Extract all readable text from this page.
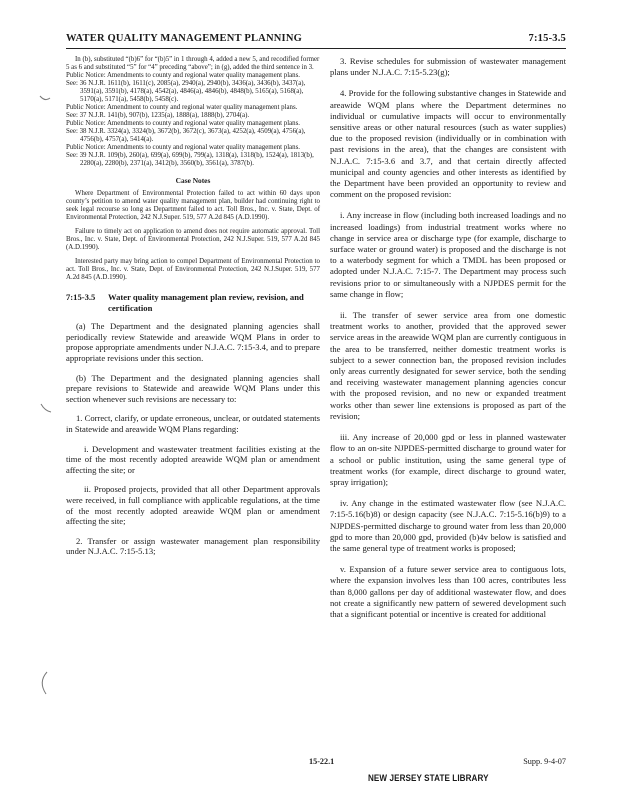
WATER QUALITY MANAGEMENT PLANNING	7:15-3.5

In (b), substituted “(b)6” for “(b)5” in 1 through 4, added a new 5, and recodified former 5 as 6 and substituted “5” for “4” preceding “above”; in (g), added the third sentence in 3.

Public Notice: Amendments to county and regional water quality management plans.

See: 36 N.J.R. 1611(b), 1611(c), 2085(a), 2940(a), 2940(b), 3436(a), 3436(b), 3437(a), 3591(a), 3591(b), 4178(a), 4542(a), 4846(a), 4846(b), 4848(b), 5165(a), 5168(a), 5170(a), 5171(a), 5458(b), 5458(c).

Public Notice: Amendment to county and regional water quality management plans.

See: 37 N.J.R. 141(b), 907(b), 1235(a), 1888(a), 1888(b), 2704(a).

Public Notice: Amendments to county and regional water quality management plans.

See: 38 N.J.R. 3324(a), 3324(b), 3672(b), 3672(c), 3673(a), 4252(a), 4509(a), 4756(a), 4756(b), 4757(a), 5414(a).

Public Notice: Amendments to county and regional water quality management plans.

See: 39 N.J.R. 109(b), 260(a), 699(a), 699(b), 799(a), 1318(a), 1318(b), 1524(a), 1813(b), 2280(a), 2280(b), 2371(a), 3412(b), 3560(b), 3561(a), 3787(b).

Case Notes

Where Department of Environmental Protection failed to act within 60 days upon county’s petition to amend water quality management plan, builder had continuing right to seek legal recourse so long as Department failed to act. Toll Bros., Inc. v. State, Dept. of Environmental Protection, 242 N.J.Super. 519, 577 A.2d 845 (A.D.1990).

Failure to timely act on application to amend does not require automatic approval. Toll Bros., Inc. v. State, Dept. of Environmental Protection, 242 N.J.Super. 519, 577 A.2d 845 (A.D.1990).

Interested party may bring action to compel Department of Environmental Protection to act. Toll Bros., Inc. v. State, Dept. of Environmental Protection, 242 N.J.Super. 519, 577 A.2d 845 (A.D.1990).

7:15-3.5	Water quality management plan review, revision, and certification

(a) The Department and the designated planning agencies shall periodically review Statewide and areawide WQM Plans in order to propose appropriate amendments under N.J.A.C. 7:15-3.4, and to prepare appropriate revisions under this section.

(b) The Department and the designated planning agencies shall prepare revisions to Statewide and areawide WQM Plans under this section whenever such revisions are necessary to:

1. Correct, clarify, or update erroneous, unclear, or outdated statements in Statewide and areawide WQM Plans regarding:

i. Development and wastewater treatment facilities existing at the time of the most recently adopted areawide WQM plan or amendment affecting the site; or

ii. Proposed projects, provided that all other Department approvals were received, in full compliance with applicable regulations, at the time of the most recently adopted areawide WQM plan or amendment affecting the site;

2. Transfer or assign wastewater management plan responsibility under N.J.A.C. 7:15-5.13;

3. Revise schedules for submission of wastewater management plans under N.J.A.C. 7:15-5.23(g);

4. Provide for the following substantive changes in Statewide and areawide WQM plans where the Department determines no individual or cumulative impacts will occur to environmentally sensitive areas or other natural resources (such as water supplies) due to the proposed revision (individually or in combination with past revisions in the area), that the changes are consistent with N.J.A.C. 7:15-3.6 and 3.7, and that certain directly affected municipal and county agencies and other interests as identified by the Department have been provided an opportunity to review and comment on the proposed revision:

i. Any increase in flow (including both increased loadings and no increased loadings) from industrial treatment works where no change in service area or discharge type (for example, discharge to surface water or ground water) is proposed and the discharge is not to a waterbody segment for which a TMDL has been proposed or adopted under N.J.A.C. 7:15-7. The Department may process such revisions prior to or simultaneously with a NJPDES permit for the same change in flow;

ii. The transfer of sewer service area from one domestic treatment works to another, provided that the approved sewer service areas in the areawide WQM plan are currently contiguous in the area to be transferred, neither domestic treatment works is subject to a sewer connection ban, the proposed revision includes only areas currently designated for sewer service, both the sending and receiving wastewater management planning agencies concur with the proposed revision, and no new or expanded treatment works other than sewer line extensions is proposed as part of the revision;

iii. Any increase of 20,000 gpd or less in planned wastewater flow to an on-site NJPDES-permitted discharge to ground water for a school or public institution, using the same general type of treatment works (for example, direct discharge to ground water, spray irrigation);

iv. Any change in the estimated wastewater flow (see N.J.A.C. 7:15-5.16(b)8) or design capacity (see N.J.A.C. 7:15-5.16(b)9) to a NJPDES-permitted discharge to ground water from less than 20,000 gpd to more than 20,000 gpd, provided (b)4v below is satisfied and the same general type of treatment works is proposed;

v. Expansion of a future sewer service area to contiguous lots, where the expansion involves less than 100 acres, contributes less than 8,000 gallons per day of additional wastewater flow, and does not create a significantly new pattern of sewered development such that a significant potential or incentive is created for additional

15-22.1
NEW JERSEY STATE LIBRARY
Supp. 9-4-07
